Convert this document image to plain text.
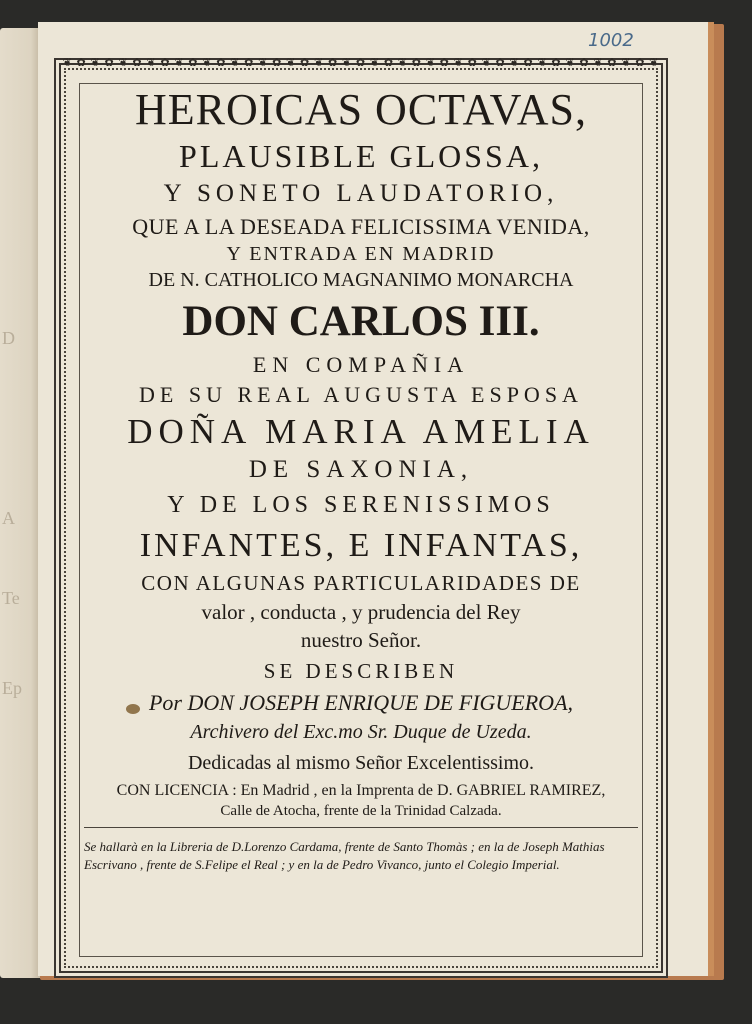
D
A
Te
Ep
1002
❦ ✿ ❦ ✿ ❦ ✿ ❦ ✿ ❦ ✿ ❦ ✿ ❦ ✿ ❦ ✿ ❦ ✿ ❦ ✿ ❦ ✿ ❦ ✿ ❦ ✿ ❦ ✿ ❦ ✿ ❦ ✿ ❦ ✿ ❦ ✿ ❦ ✿ ❦ ✿ ❦ ✿ ❦
HEROICAS OCTAVAS,
PLAUSIBLE GLOSSA,
Y SONETO LAUDATORIO,
QUE A LA DESEADA FELICISSIMA VENIDA,
Y ENTRADA EN MADRID
DE N. CATHOLICO MAGNANIMO MONARCHA
DON CARLOS III.
EN COMPAÑIA
DE SU REAL AUGUSTA ESPOSA
DOÑA MARIA AMELIA
DE SAXONIA,
Y DE LOS SERENISSIMOS
INFANTES, E INFANTAS,
CON ALGUNAS PARTICULARIDADES DE
valor , conducta , y prudencia del Rey
nuestro Señor.
SE DESCRIBEN
Por DON JOSEPH ENRIQUE DE FIGUEROA,
Archivero del Exc.mo Sr. Duque de Uzeda.
Dedicadas al mismo Señor Excelentissimo.
CON LICENCIA : En Madrid , en la Imprenta de D. GABRIEL RAMIREZ,
Calle de Atocha, frente de la Trinidad Calzada.
Se hallarà en la Libreria de D.Lorenzo Cardama, frente de Santo Thomàs ; en la de Joseph Mathias Escrivano , frente de S.Felipe el Real ; y en la de Pedro Vivanco, junto el Colegio Imperial.
